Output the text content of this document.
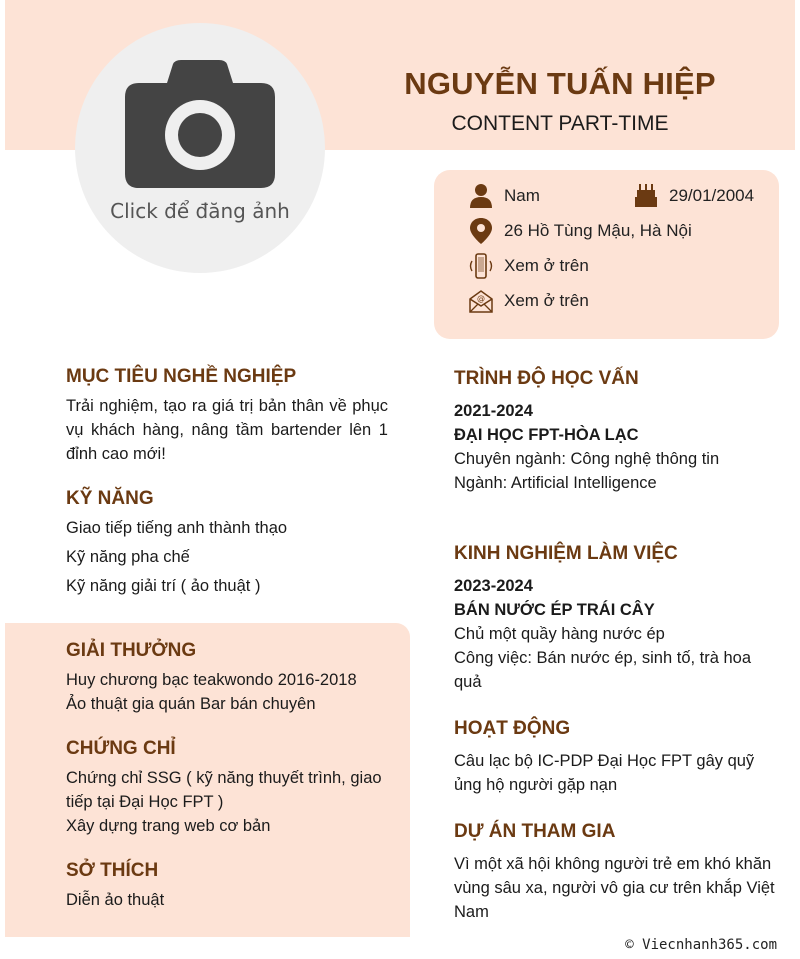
Click để đăng ảnh
NGUYỄN TUẤN HIỆP
CONTENT PART-TIME
Nam	29/01/2004
26 Hồ Tùng Mậu, Hà Nội
Xem ở trên
@ Xem ở trên
MỤC TIÊU NGHỀ NGHIỆP
Trải nghiệm, tạo ra giá trị bản thân về phục vụ khách hàng, nâng tầm bartender lên 1 đỉnh cao mới!
KỸ NĂNG
Giao tiếp tiếng anh thành thạo
Kỹ năng pha chế
Kỹ năng giải trí ( ảo thuật )
GIẢI THƯỞNG
Huy chương bạc teakwondo 2016-2018
Ảo thuật gia quán Bar bán chuyên
CHỨNG CHỈ
Chứng chỉ SSG ( kỹ năng thuyết trình, giao tiếp tại Đại Học FPT )
Xây dựng trang web cơ bản
SỞ THÍCH
Diễn ảo thuật
TRÌNH ĐỘ HỌC VẤN
2021-2024
ĐẠI HỌC FPT-HÒA LẠC
Chuyên ngành: Công nghệ thông tin
Ngành: Artificial Intelligence
KINH NGHIỆM LÀM VIỆC
2023-2024
BÁN NƯỚC ÉP TRÁI CÂY
Chủ một quầy hàng nước ép
Công việc: Bán nước ép, sinh tố, trà hoa quả
HOẠT ĐỘNG
Câu lạc bộ IC-PDP Đại Học FPT gây quỹ ủng hộ người gặp nạn
DỰ ÁN THAM GIA
Vì một xã hội không người trẻ em khó khăn vùng sâu xa, người vô gia cư trên khắp Việt Nam
© Viecnhanh365.com
